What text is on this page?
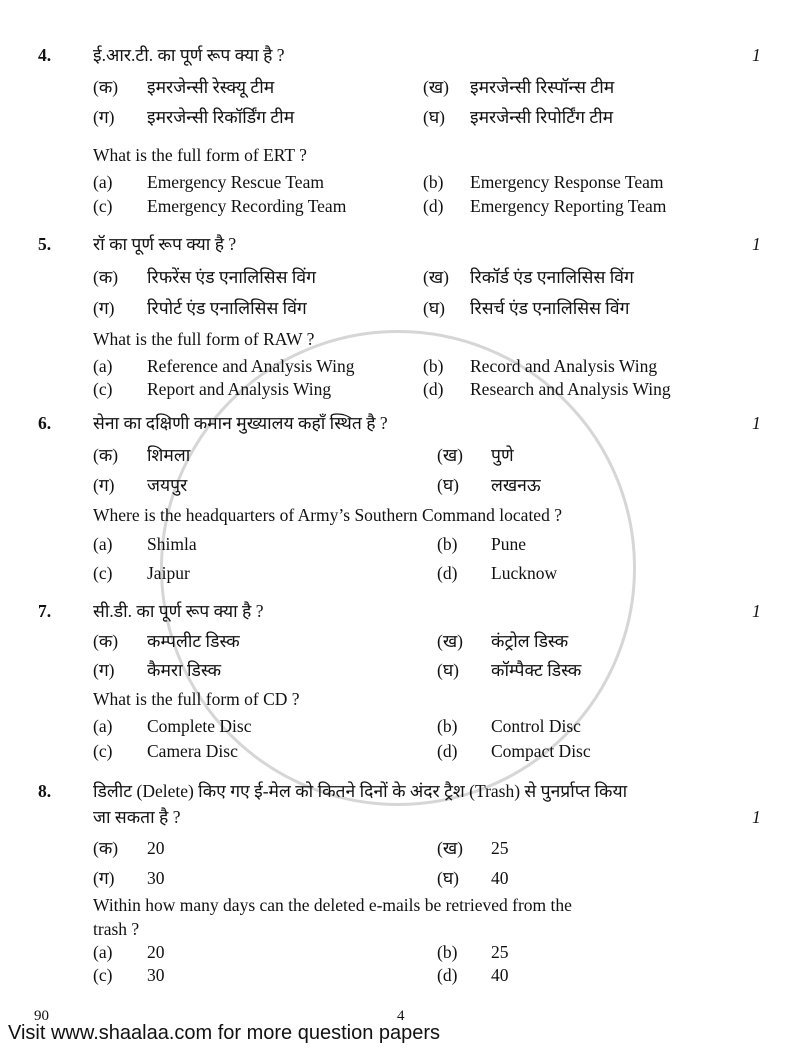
4.	1
ई.आर.टी. का पूर्ण रूप क्या है ?
(क)	इमरजेन्सी रेस्क्यू टीम	(ख)	इमरजेन्सी रिस्पॉन्स टीम
(ग)	इमरजेन्सी रिकॉर्डिंग टीम	(घ)	इमरजेन्सी रिपोर्टिंग टीम
What is the full form of ERT ?
(a)	Emergency Rescue Team	(b)	Emergency Response Team
(c)	Emergency Recording Team	(d)	Emergency Reporting Team
5.	1
रॉ का पूर्ण रूप क्या है ?
(क)	रिफरेंस एंड एनालिसिस विंग	(ख)	रिकॉर्ड एंड एनालिसिस विंग
(ग)	रिपोर्ट एंड एनालिसिस विंग	(घ)	रिसर्च एंड एनालिसिस विंग
What is the full form of RAW ?
(a)	Reference and Analysis Wing	(b)	Record and Analysis Wing
(c)	Report and Analysis Wing	(d)	Research and Analysis Wing
6.	1
सेना का दक्षिणी कमान मुख्यालय कहाँ स्थित है ?
(क)	शिमला	(ख)	पुणे
(ग)	जयपुर	(घ)	लखनऊ
Where is the headquarters of Army’s Southern Command located ?
(a)	Shimla	(b)	Pune
(c)	Jaipur	(d)	Lucknow
7.	1
सी.डी. का पूर्ण रूप क्या है ?
(क)	कम्पलीट डिस्क	(ख)	कंट्रोल डिस्क
(ग)	कैमरा डिस्क	(घ)	कॉम्पैक्ट डिस्क
What is the full form of CD ?
(a)	Complete Disc	(b)	Control Disc
(c)	Camera Disc	(d)	Compact Disc
8.
1
डिलीट (Delete) किए गए ई-मेल को कितने दिनों के अंदर ट्रैश (Trash) से पुनर्प्राप्त किया
जा सकता है ?
(क)	20	(ख)	25
(ग)	30	(घ)	40
Within how many days can the deleted e-mails be retrieved from the
trash ?
(a)	20	(b)	25
(c)	30	(d)	40
90	4
Visit www.shaalaa.com for more question papers
